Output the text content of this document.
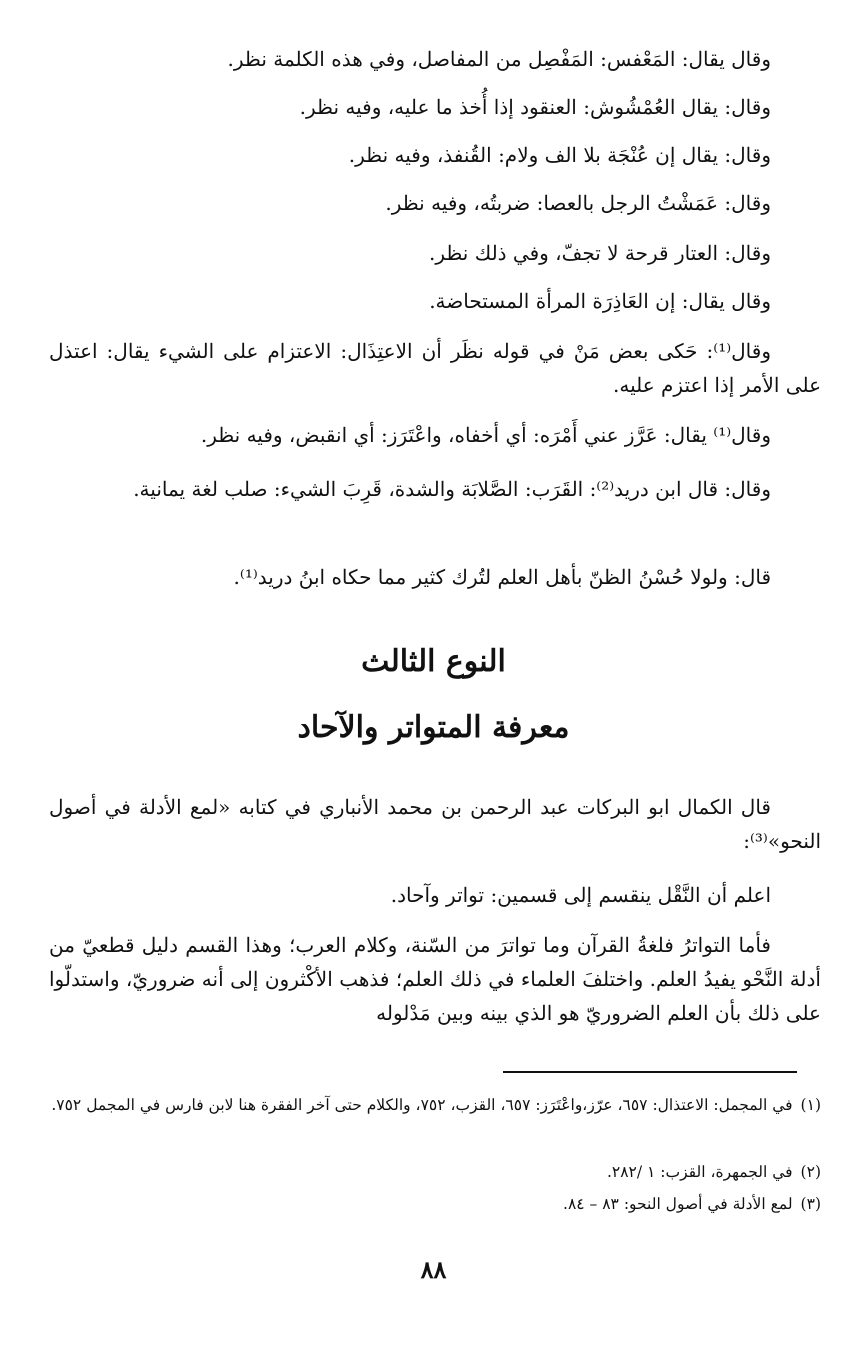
وقال يقال: المَعْفس: المَفْصِل من المفاصل، وفي هذه الكلمة نظر.
وقال: يقال العُمْشُوش: العنقود إذا أُخذ ما عليه، وفيه نظر.
وقال: يقال إن عُنْجَة بلا الف ولام: القُنفذ، وفيه نظر.
وقال: عَمَشْتُ الرجل بالعصا: ضربتُه، وفيه نظر.
وقال: العتار قرحة لا تجفّ، وفي ذلك نظر.
وقال يقال: إن العَاذِرَة المرأة المستحاضة.
وقال⁽¹⁾: حَكى بعض مَنْ في قوله نظَر أن الاعتِذَال: الاعتزام على الشيء يقال: اعتذل على الأمر إذا اعتزم عليه.
وقال⁽¹⁾ يقال: عَرَّز عني أَمْرَه: أي أخفاه، واعْتَرَز: أي انقبض، وفيه نظر.
وقال: قال ابن دريد⁽²⁾: القَرَب: الصَّلابَة والشدة، قَرِبَ الشيء: صلب لغة يمانية.
قال: ولولا حُسْنُ الظنّ بأهل العلم لتُرك كثير مما حكاه ابنُ دريد⁽¹⁾.
النوع الثالث
معرفة المتواتر والآحاد
قال الكمال ابو البركات عبد الرحمن بن محمد الأنباري في كتابه «لمع الأدلة في أصول النحو»⁽³⁾:
اعلم أن النَّقْل ينقسم إلى قسمين: تواتر وآحاد.
فأما التواترُ فلغةُ القرآن وما تواترَ من السّنة، وكلام العرب؛ وهذا القسم دليل قطعيّ من أدلة النَّحْو يفيدُ العلم. واختلفَ العلماء في ذلك العلم؛ فذهب الأكْثرون إلى أنه ضروريّ، واستدلّوا على ذلك بأن العلم الضروريّ هو الذي بينه وبين مَدْلوله
(١)في المجمل: الاعتذال: ٦٥٧، عرّز،واعْتَرَز: ٦٥٧، القزب، ٧٥٢، والكلام حتى آخر الفقرة هنا لابن فارس في المجمل ٧٥٢.
(٢)في الجمهرة، القزب: ١ /٢٨٢.
(٣)لمع الأدلة في أصول النحو: ٨٣ – ٨٤.
٨٨
